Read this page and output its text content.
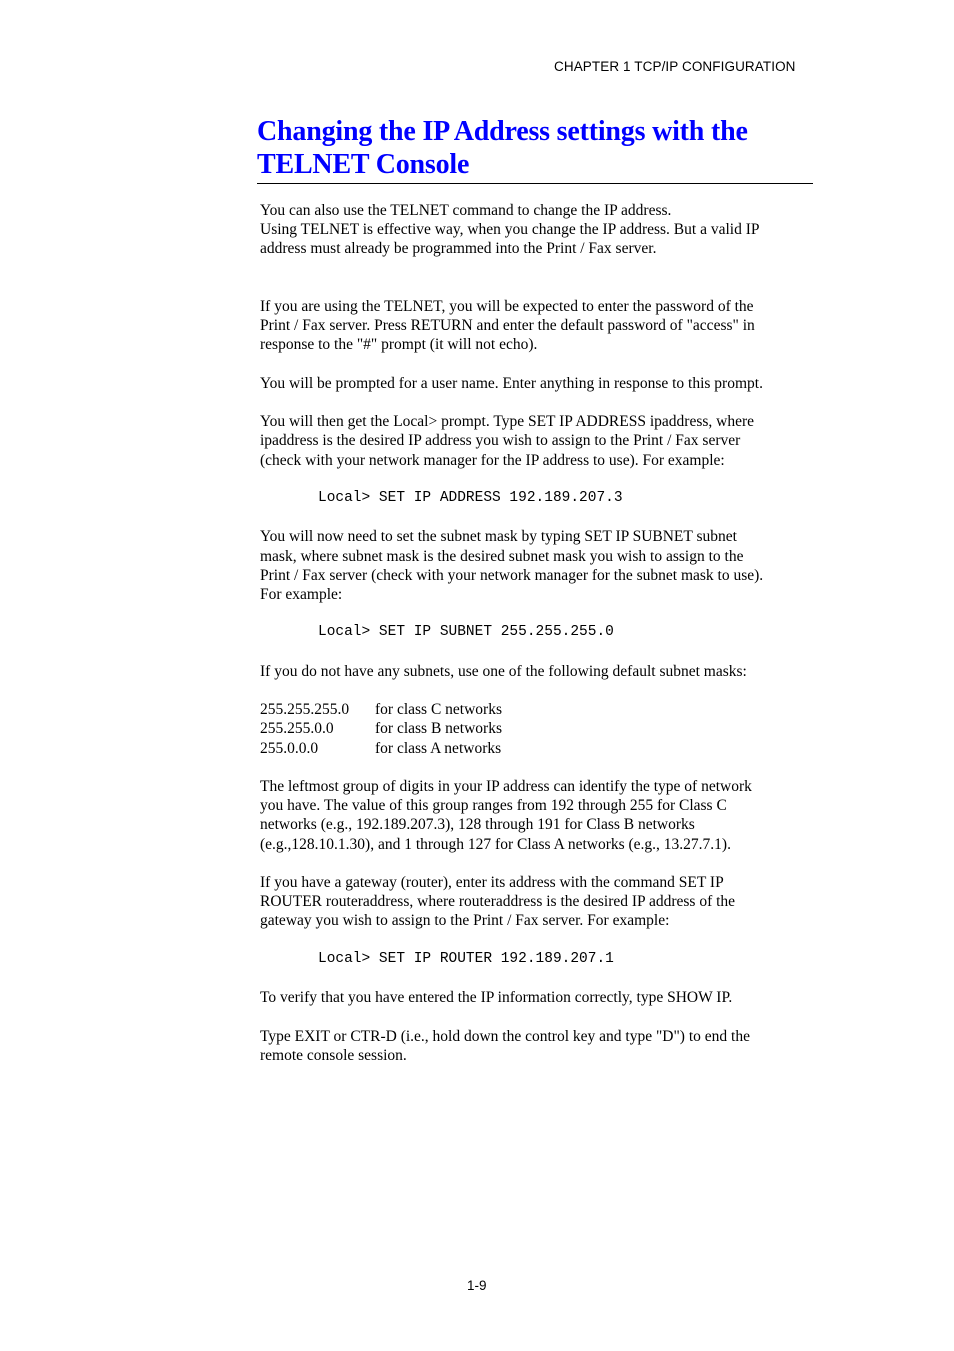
CHAPTER 1 TCP/IP CONFIGURATION
Changing the IP Address settings with the
TELNET Console

You can also use the TELNET command to change the IP address.
Using TELNET is effective way, when you change the IP address. But a valid IP
address must already be programmed into the Print / Fax server.

If you are using the TELNET, you will be expected to enter the password of the
Print / Fax server. Press RETURN and enter the default password of "access" in
response to the "#" prompt (it will not echo).

You will be prompted for a user name. Enter anything in response to this prompt.

You will then get the Local> prompt. Type SET IP ADDRESS ipaddress, where
ipaddress is the desired IP address you wish to assign to the Print / Fax server
(check with your network manager for the IP address to use). For example:

Local> SET IP ADDRESS 192.189.207.3

You will now need to set the subnet mask by typing SET IP SUBNET subnet
mask, where subnet mask is the desired subnet mask you wish to assign to the
Print / Fax server (check with your network manager for the subnet mask to use).
For example:

Local> SET IP SUBNET 255.255.255.0

If you do not have any subnets, use one of the following default subnet masks:

255.255.255.0 for class C networks
255.255.0.0	for class B networks
255.0.0.0	for class A networks

The leftmost group of digits in your IP address can identify the type of network
you have. The value of this group ranges from 192 through 255 for Class C
networks (e.g., 192.189.207.3), 128 through 191 for Class B networks
(e.g.,128.10.1.30), and 1 through 127 for Class A networks (e.g., 13.27.7.1).

If you have a gateway (router), enter its address with the command SET IP
ROUTER routeraddress, where routeraddress is the desired IP address of the
gateway you wish to assign to the Print / Fax server. For example:

Local> SET IP ROUTER 192.189.207.1

To verify that you have entered the IP information correctly, type SHOW IP.

Type EXIT or CTR-D (i.e., hold down the control key and type "D") to end the
remote console session.

1-9
